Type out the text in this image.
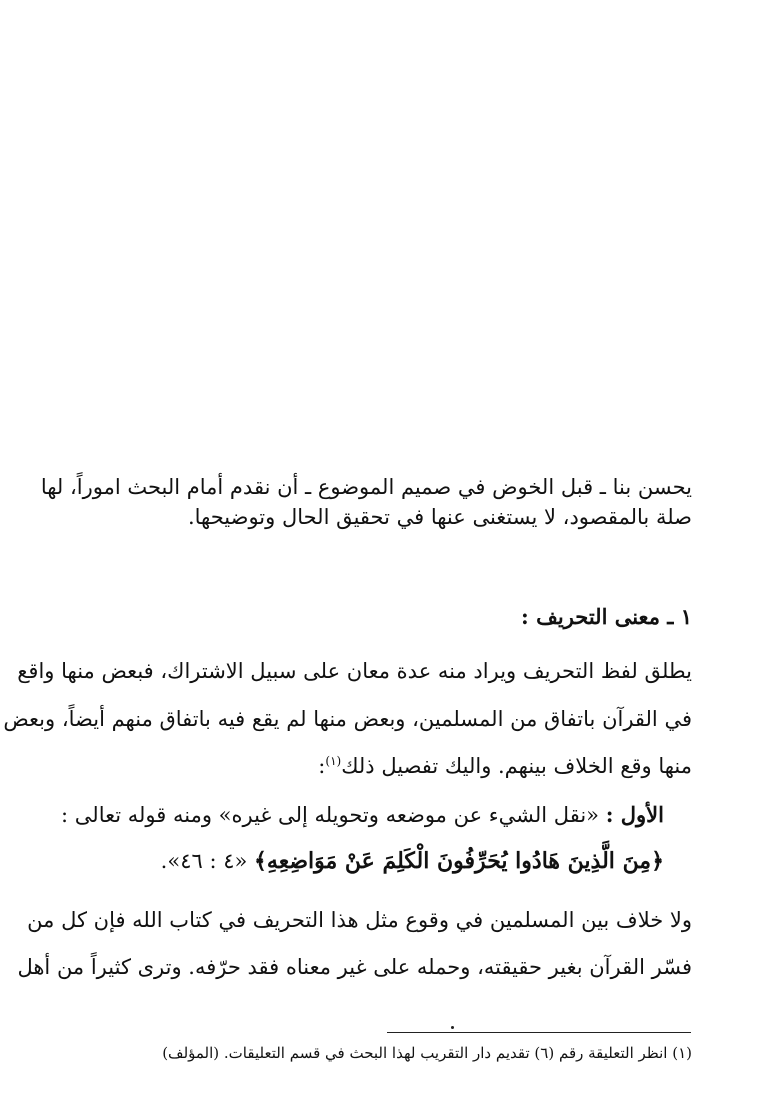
يحسن بنا ـ قبل الخوض في صميم الموضوع ـ أن نقدم أمام البحث اموراً، لها
صلة بالمقصود، لا يستغنى عنها في تحقيق الحال وتوضيحها.
١ ـ معنى التحريف :
يطلق لفظ التحريف ويراد منه عدة معان على سبيل الاشتراك، فبعض منها واقع
في القرآن باتفاق من المسلمين، وبعض منها لم يقع فيه باتفاق منهم أيضاً، وبعض
منها وقع الخلاف بينهم. واليك تفصيل ذلك$^{(١)}$:
الأول : «نقل الشيء عن موضعه وتحويله إلى غيره» ومنه قوله تعالى :
﴿مِنَ الَّذِينَ هَادُوا يُحَرِّفُونَ الْكَلِمَ عَنْ مَوَاضِعِهِ﴾ «٤ : ٤٦».
ولا خلاف بين المسلمين في وقوع مثل هذا التحريف في كتاب الله فإن كل من
فسّر القرآن بغير حقيقته، وحمله على غير معناه فقد حرّفه. وترى كثيراً من أهل
(١) انظر التعليقة رقم (٦) تقديم دار التقريب لهذا البحث في قسم التعليقات. (المؤلف)
